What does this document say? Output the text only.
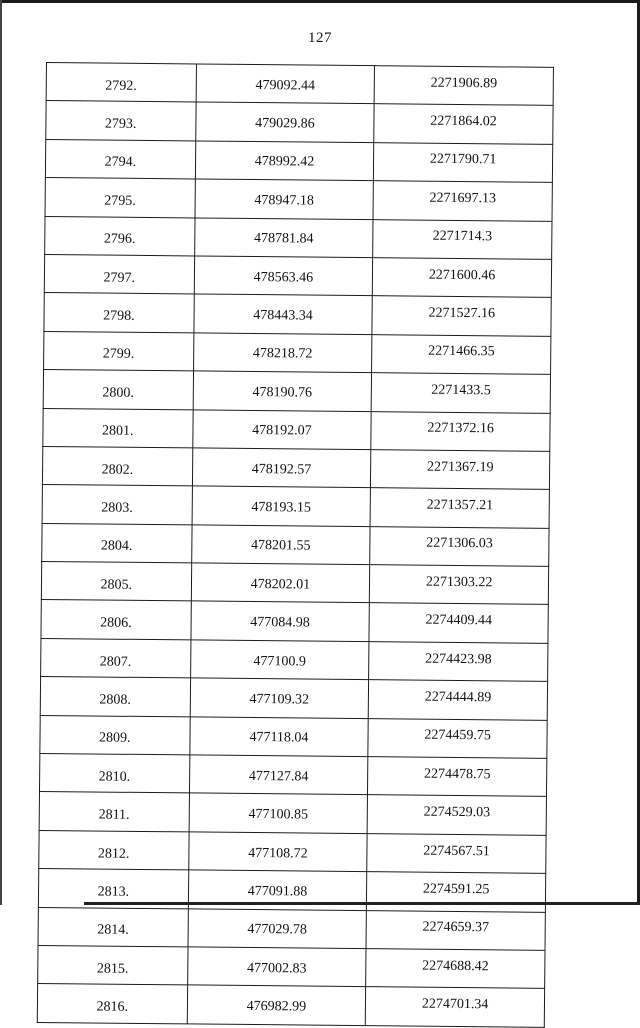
127
2792.	479092.44	2271906.89
2793.	479029.86	2271864.02
2794.	478992.42	2271790.71
2795.	478947.18	2271697.13
2796.	478781.84	2271714.3
2797.	478563.46	2271600.46
2798.	478443.34	2271527.16
2799.	478218.72	2271466.35
2800.	478190.76	2271433.5
2801.	478192.07	2271372.16
2802.	478192.57	2271367.19
2803.	478193.15	2271357.21
2804.	478201.55	2271306.03
2805.	478202.01	2271303.22
2806.	477084.98	2274409.44
2807.	477100.9	2274423.98
2808.	477109.32	2274444.89
2809.	477118.04	2274459.75
2810.	477127.84	2274478.75
2811.	477100.85	2274529.03
2812.	477108.72	2274567.51
2813.	477091.88	2274591.25
2814.	477029.78	2274659.37
2815.	477002.83	2274688.42
2816.	476982.99	2274701.34
